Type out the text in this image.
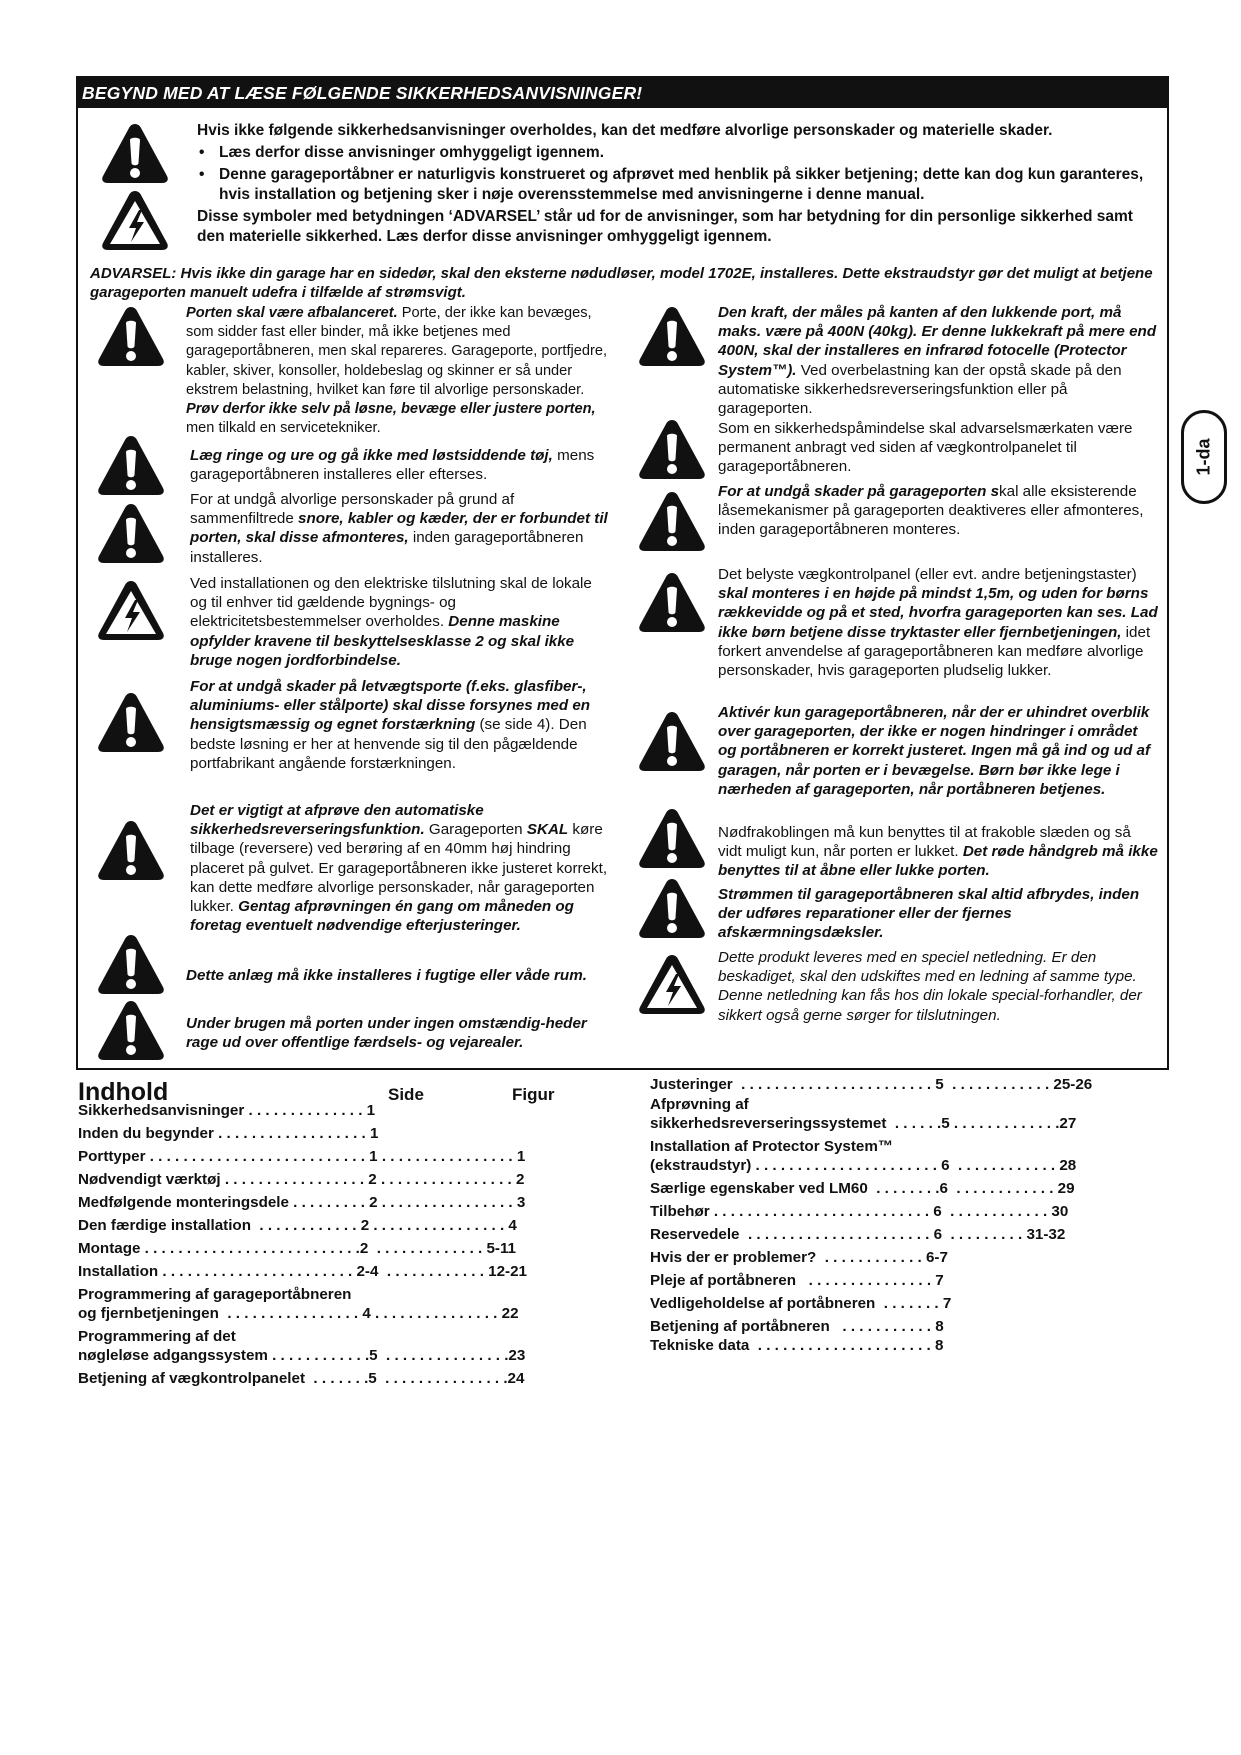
BEGYND MED AT LÆSE FØLGENDE SIKKERHEDSANVISNINGER!
Hvis ikke følgende sikkerhedsanvisninger overholdes, kan det medføre alvorlige personskader og materielle skader.
• Læs derfor disse anvisninger omhyggeligt igennem.
• Denne garageportåbner er naturligvis konstrueret og afprøvet med henblik på sikker betjening; dette kan dog kun garanteres, hvis installation og betjening sker i nøje overensstemmelse med anvisningerne i denne manual.
Disse symboler med betydningen ‘ADVARSEL’ står ud for de anvisninger, som har betydning for din personlige sikkerhed samt den materielle sikkerhed. Læs derfor disse anvisninger omhyggeligt igennem.
ADVARSEL: Hvis ikke din garage har en sidedør, skal den eksterne nødudløser, model 1702E, installeres. Dette ekstraudstyr gør det muligt at betjene garageporten manuelt udefra i tilfælde af strømsvigt.
Porten skal være afbalanceret. Porte, der ikke kan bevæges, som sidder fast eller binder, må ikke betjenes med garageportåbneren, men skal repareres. Garageporte, portfjedre, kabler, skiver, konsoller, holdebeslag og skinner er så under ekstrem belastning, hvilket kan føre til alvorlige personskader. Prøv derfor ikke selv på løsne, bevæge eller justere porten, men tilkald en servicetekniker.
Læg ringe og ure og gå ikke med løstsiddende tøj, mens garageportåbneren installeres eller efterses.
For at undgå alvorlige personskader på grund af sammenfiltrede snore, kabler og kæder, der er forbundet til porten, skal disse afmonteres, inden garageportåbneren installeres.
Ved installationen og den elektriske tilslutning skal de lokale og til enhver tid gældende bygnings- og elektricitetsbestemmelser overholdes. Denne maskine opfylder kravene til beskyttelsesklasse 2 og skal ikke bruge nogen jordforbindelse.
For at undgå skader på letvægtsporte (f.eks. glasfiber-, aluminiums- eller stålporte) skal disse forsynes med en hensigtsmæssig og egnet forstærkning (se side 4). Den bedste løsning er her at henvende sig til den pågældende portfabrikant angående forstærkningen.
Det er vigtigt at afprøve den automatiske sikkerhedsreverseringsfunktion. Garageporten SKAL køre tilbage (reversere) ved berøring af en 40mm høj hindring placeret på gulvet. Er garageportåbneren ikke justeret korrekt, kan dette medføre alvorlige personskader, når garageporten lukker. Gentag afprøvningen én gang om måneden og foretag eventuelt nødvendige efterjusteringer.
Dette anlæg må ikke installeres i fugtige eller våde rum.
Under brugen må porten under ingen omstændig-heder rage ud over offentlige færdsels- og vejarealer.
Den kraft, der måles på kanten af den lukkende port, må maks. være på 400N (40kg). Er denne lukkekraft på mere end 400N, skal der installeres en infrarød fotocelle (Protector System™). Ved overbelastning kan der opstå skade på den automatiske sikkerhedsreverseringsfunktion eller på garageporten.
Som en sikkerhedspåmindelse skal advarselsmærkaten være permanent anbragt ved siden af vægkontrolpanelet til garageportåbneren.
For at undgå skader på garageporten skal alle eksisterende låsemekanismer på garageporten deaktiveres eller afmonteres, inden garageportåbneren monteres.
Det belyste vægkontrolpanel (eller evt. andre betjeningstaster) skal monteres i en højde på mindst 1,5m, og uden for børns rækkevidde og på et sted, hvorfra garageporten kan ses. Lad ikke børn betjene disse tryktaster eller fjernbetjeningen, idet forkert anvendelse af garageportåbneren kan medføre alvorlige personskader, hvis garageporten pludselig lukker.
Aktivér kun garageportåbneren, når der er uhindret overblik over garageporten, der ikke er nogen hindringer i området og portåbneren er korrekt justeret. Ingen må gå ind og ud af garagen, når porten er i bevægelse. Børn bør ikke lege i nærheden af garageporten, når portåbneren betjenes.
Nødfrakoblingen må kun benyttes til at frakoble slæden og så vidt muligt kun, når porten er lukket. Det røde håndgreb må ikke benyttes til at åbne eller lukke porten.
Strømmen til garageportåbneren skal altid afbrydes, inden der udføres reparationer eller der fjernes afskærmningsdæksler.
Dette produkt leveres med en speciel netledning. Er den beskadiget, skal den udskiftes med en ledning af samme type. Denne netledning kan fås hos din lokale special-forhandler, der sikkert også gerne sørger for tilslutningen.
1-da
Indhold	Side	Figur
Sikkerhedsanvisninger . . . . . . . . . . . . . . 1
Inden du begynder . . . . . . . . . . . . . . . . . . 1
Porttyper . . . . . . . . . . . . . . . . . . . . . . . . . . 1 . . . . . . . . . . . . . . . . 1
Nødvendigt værktøj . . . . . . . . . . . . . . . . . 2 . . . . . . . . . . . . . . . . 2
Medfølgende monteringsdele . . . . . . . . . 2 . . . . . . . . . . . . . . . . 3
Den færdige installation  . . . . . . . . . . . . 2 . . . . . . . . . . . . . . . . 4
Montage . . . . . . . . . . . . . . . . . . . . . . . . . .2  . . . . . . . . . . . . . 5-11
Installation . . . . . . . . . . . . . . . . . . . . . . . 2-4  . . . . . . . . . . . . 12-21
Programmering af garageportåbneren
og fjernbetjeningen  . . . . . . . . . . . . . . . . 4 . . . . . . . . . . . . . . . 22
Programmering af det
nøgleløse adgangssystem . . . . . . . . . . . .5  . . . . . . . . . . . . . . .23
Betjening af vægkontrolpanelet  . . . . . . .5  . . . . . . . . . . . . . . .24
Justeringer  . . . . . . . . . . . . . . . . . . . . . . . 5  . . . . . . . . . . . . 25-26
Afprøvning af
sikkerhedsreverseringssystemet  . . . . . .5 . . . . . . . . . . . . .27
Installation af Protector System™
(ekstraudstyr) . . . . . . . . . . . . . . . . . . . . . . 6  . . . . . . . . . . . . 28
Særlige egenskaber ved LM60  . . . . . . . .6  . . . . . . . . . . . . 29
Tilbehør . . . . . . . . . . . . . . . . . . . . . . . . . . 6  . . . . . . . . . . . . 30
Reservedele  . . . . . . . . . . . . . . . . . . . . . . 6  . . . . . . . . . 31-32
Hvis der er problemer?  . . . . . . . . . . . . 6-7
Pleje af portåbneren   . . . . . . . . . . . . . . . 7
Vedligeholdelse af portåbneren  . . . . . . . 7
Betjening af portåbneren   . . . . . . . . . . . 8
Tekniske data  . . . . . . . . . . . . . . . . . . . . . 8
